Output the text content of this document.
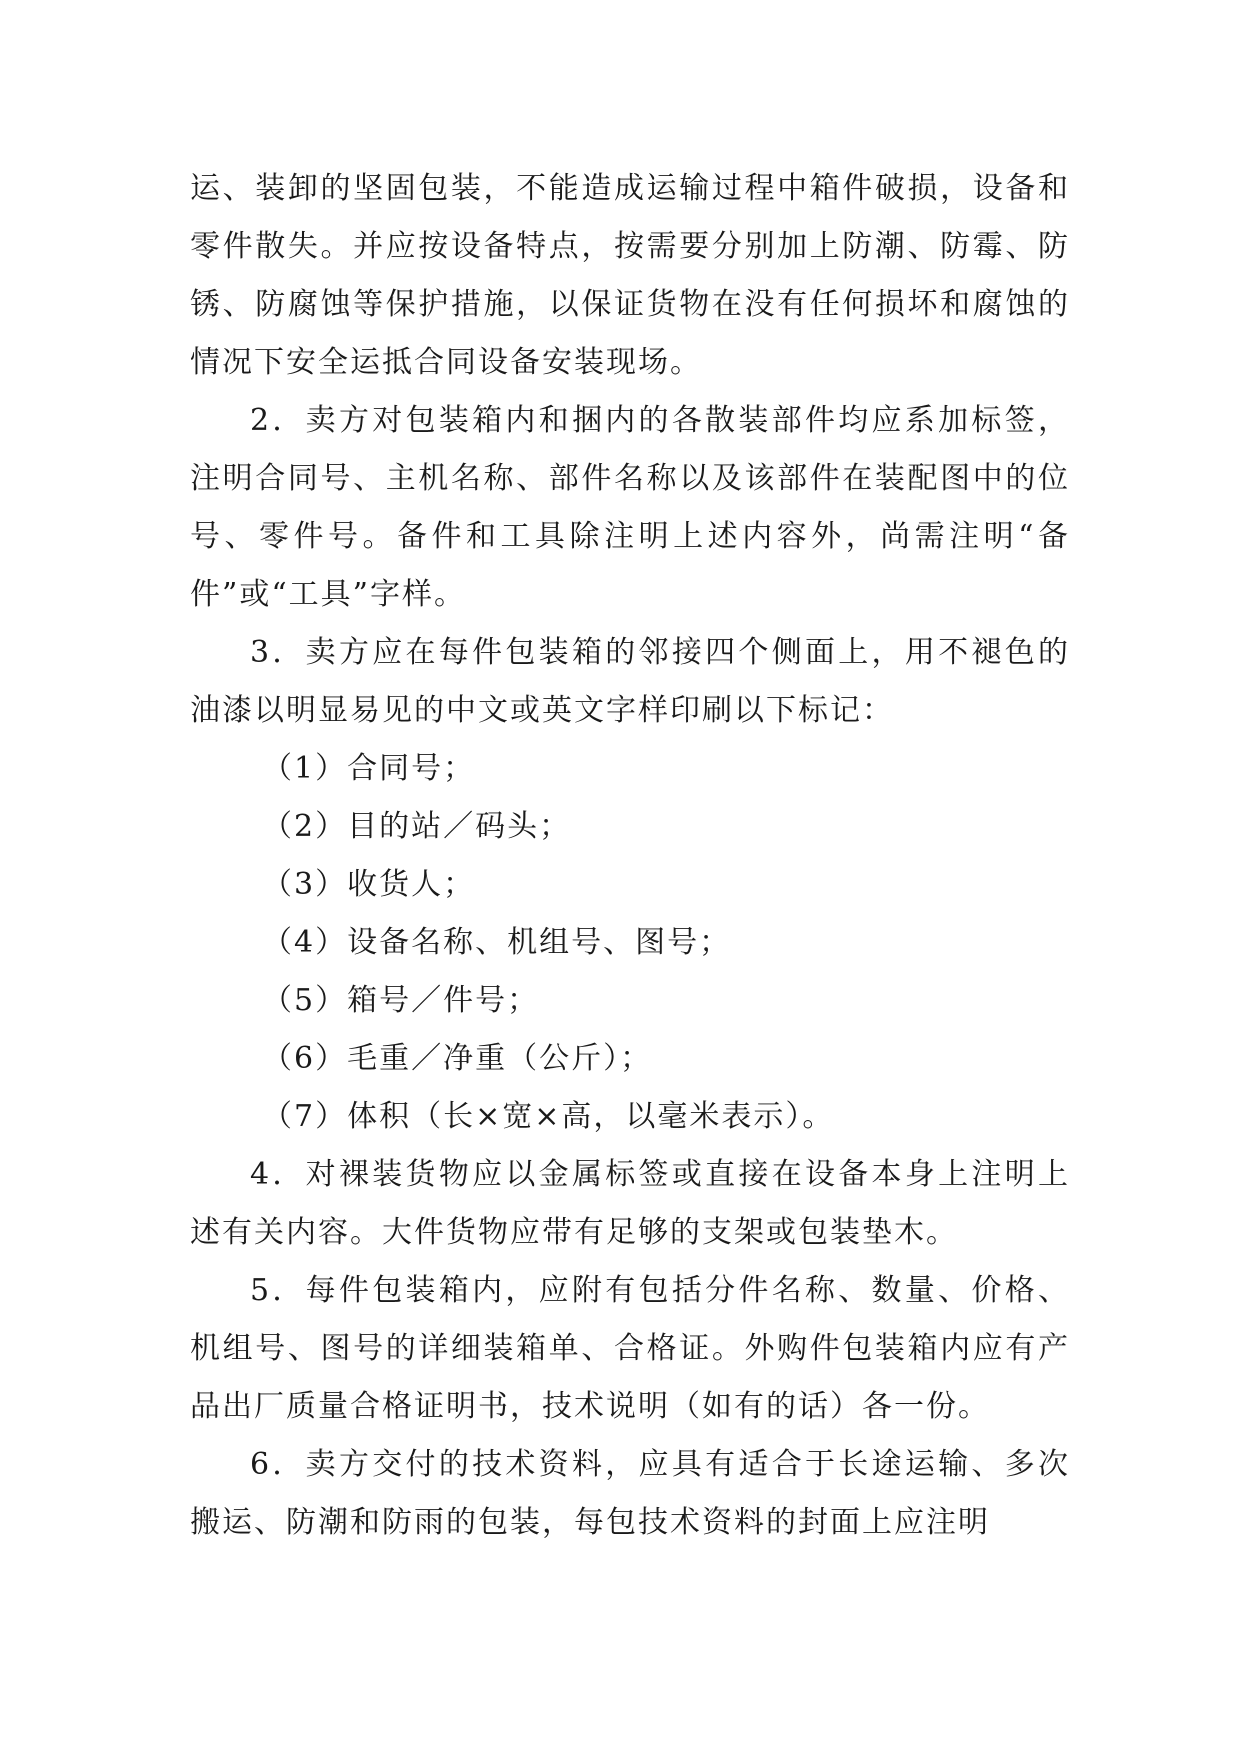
运、装卸的坚固包装，不能造成运输过程中箱件破损，设备和零件散失。并应按设备特点，按需要分别加上防潮、防霉、防锈、防腐蚀等保护措施，以保证货物在没有任何损坏和腐蚀的情况下安全运抵合同设备安装现场。

2．卖方对包装箱内和捆内的各散装部件均应系加标签，注明合同号、主机名称、部件名称以及该部件在装配图中的位号、零件号。备件和工具除注明上述内容外，尚需注明“备件”或“工具”字样。

3．卖方应在每件包装箱的邻接四个侧面上，用不褪色的油漆以明显易见的中文或英文字样印刷以下标记：

（1）合同号；

（2）目的站／码头；

（3）收货人；

（4）设备名称、机组号、图号；

（5）箱号／件号；

（6）毛重／净重（公斤）；

（7）体积（长×宽×高，以毫米表示）。

4．对裸装货物应以金属标签或直接在设备本身上注明上述有关内容。大件货物应带有足够的支架或包装垫木。

5．每件包装箱内，应附有包括分件名称、数量、价格、机组号、图号的详细装箱单、合格证。外购件包装箱内应有产品出厂质量合格证明书，技术说明（如有的话）各一份。

6．卖方交付的技术资料，应具有适合于长途运输、多次搬运、防潮和防雨的包装，每包技术资料的封面上应注明
